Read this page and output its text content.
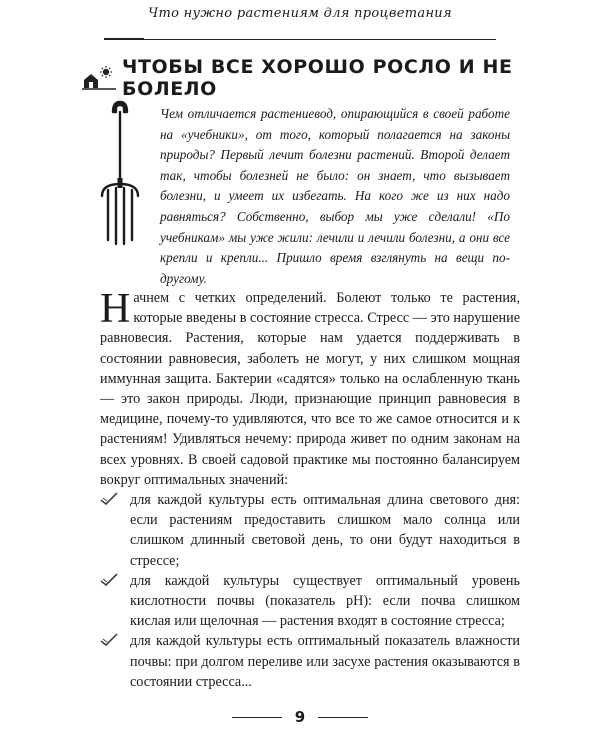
Что нужно растениям для процветания
ЧТОБЫ ВСЕ ХОРОШО РОСЛО И НЕ БОЛЕЛО
Чем отличается растениевод, опирающийся в своей работе на «учебники», от того, который полагается на законы природы? Первый лечит болезни растений. Второй делает так, чтобы болезней не было: он знает, что вызывает болезни, и умеет их избегать. На кого же из них надо равняться? Собственно, выбор мы уже сделали! «По учебникам» мы уже жили: лечили и лечили болезни, а они все крепли и крепли... Пришло время взглянуть на вещи по-другому.
Н ачнем с четких определений. Болеют только те растения, которые введены в состояние стресса. Стресс — это нарушение равновесия. Растения, которые нам удается поддерживать в состоянии равновесия, заболеть не могут, у них слишком мощная иммунная защита. Бактерии «садятся» только на ослабленную ткань — это закон природы. Люди, признающие принцип равновесия в медицине, почему-то удивляются, что все то же самое относится и к растениям! Удивляться нечему: природа живет по одним законам на всех уровнях. В своей садовой практике мы постоянно балансируем вокруг оптимальных значений:
для каждой культуры есть оптимальная длина светового дня: если растениям предоставить слишком мало солнца или слишком длинный световой день, то они будут находиться в стрессе;
для каждой культуры существует оптимальный уровень кислотности почвы (показатель pH): если почва слишком кислая или щелочная — растения входят в состояние стресса;
для каждой культуры есть оптимальный показатель влажности почвы: при долгом переливе или засухе растения оказываются в состоянии стресса...
9
